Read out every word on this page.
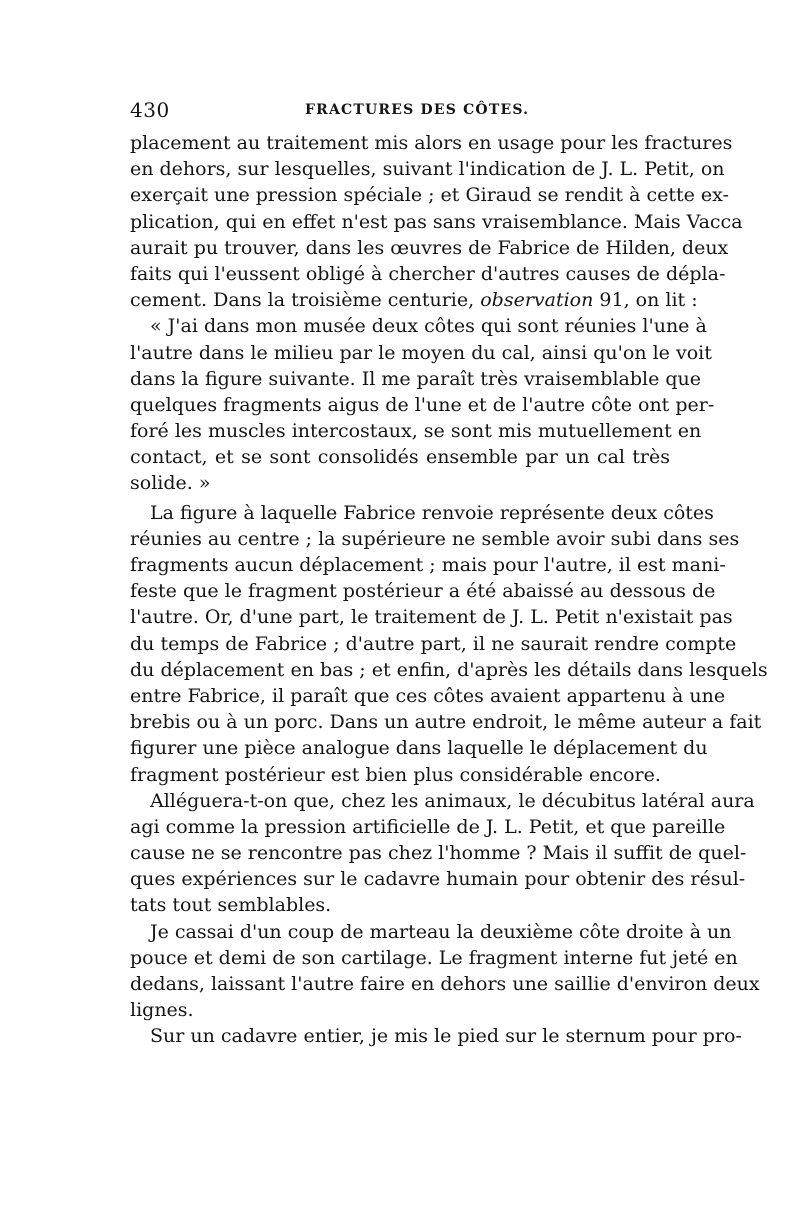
430	FRACTURES DES CÔTES.
placement au traitement mis alors en usage pour les fractures
en dehors, sur lesquelles, suivant l'indication de J. L. Petit, on
exerçait une pression spéciale ; et Giraud se rendit à cette ex-
plication, qui en effet n'est pas sans vraisemblance. Mais Vacca
aurait pu trouver, dans les œuvres de Fabrice de Hilden, deux
faits qui l'eussent obligé à chercher d'autres causes de dépla-
cement. Dans la troisième centurie, observation 91, on lit :
« J'ai dans mon musée deux côtes qui sont réunies l'une à
l'autre dans le milieu par le moyen du cal, ainsi qu'on le voit
dans la figure suivante. Il me paraît très vraisemblable que
quelques fragments aigus de l'une et de l'autre côte ont per-
foré les muscles intercostaux, se sont mis mutuellement en
contact, et se sont consolidés ensemble par un cal très
solide. »
La figure à laquelle Fabrice renvoie représente deux côtes
réunies au centre ; la supérieure ne semble avoir subi dans ses
fragments aucun déplacement ; mais pour l'autre, il est mani-
feste que le fragment postérieur a été abaissé au dessous de
l'autre. Or, d'une part, le traitement de J. L. Petit n'existait pas
du temps de Fabrice ; d'autre part, il ne saurait rendre compte
du déplacement en bas ; et enfin, d'après les détails dans lesquels
entre Fabrice, il paraît que ces côtes avaient appartenu à une
brebis ou à un porc. Dans un autre endroit, le même auteur a fait
figurer une pièce analogue dans laquelle le déplacement du
fragment postérieur est bien plus considérable encore.
Alléguera-t-on que, chez les animaux, le décubitus latéral aura
agi comme la pression artificielle de J. L. Petit, et que pareille
cause ne se rencontre pas chez l'homme ? Mais il suffit de quel-
ques expériences sur le cadavre humain pour obtenir des résul-
tats tout semblables.
Je cassai d'un coup de marteau la deuxième côte droite à un
pouce et demi de son cartilage. Le fragment interne fut jeté en
dedans, laissant l'autre faire en dehors une saillie d'environ deux
lignes.
Sur un cadavre entier, je mis le pied sur le sternum pour pro-
